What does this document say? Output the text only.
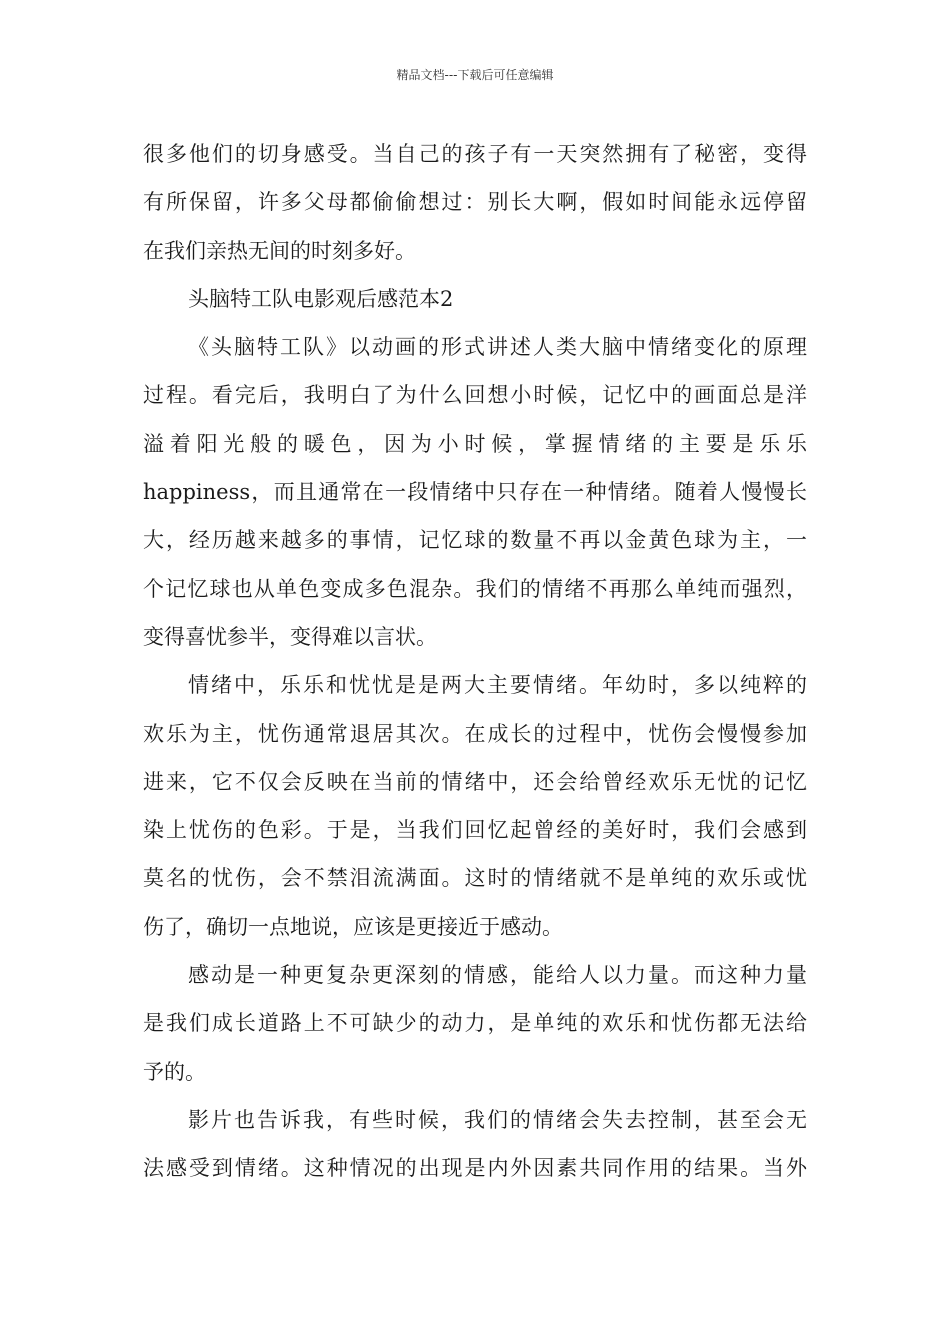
精品文档---下载后可任意编辑
很多他们的切身感受。当自己的孩子有一天突然拥有了秘密，变得
有所保留，许多父母都偷偷想过：别长大啊，假如时间能永远停留
在我们亲热无间的时刻多好。
头脑特工队电影观后感范本2
《头脑特工队》以动画的形式讲述人类大脑中情绪变化的原理
过程。看完后，我明白了为什么回想小时候，记忆中的画面总是洋
溢着阳光般的暖色，因为小时候，掌握情绪的主要是乐乐
happiness，而且通常在一段情绪中只存在一种情绪。随着人慢慢长
大，经历越来越多的事情，记忆球的数量不再以金黄色球为主，一
个记忆球也从单色变成多色混杂。我们的情绪不再那么单纯而强烈，
变得喜忧参半，变得难以言状。
情绪中，乐乐和忧忧是是两大主要情绪。年幼时，多以纯粹的
欢乐为主，忧伤通常退居其次。在成长的过程中，忧伤会慢慢参加
进来，它不仅会反映在当前的情绪中，还会给曾经欢乐无忧的记忆
染上忧伤的色彩。于是，当我们回忆起曾经的美好时，我们会感到
莫名的忧伤，会不禁泪流满面。这时的情绪就不是单纯的欢乐或忧
伤了，确切一点地说，应该是更接近于感动。
感动是一种更复杂更深刻的情感，能给人以力量。而这种力量
是我们成长道路上不可缺少的动力，是单纯的欢乐和忧伤都无法给
予的。
影片也告诉我，有些时候，我们的情绪会失去控制，甚至会无
法感受到情绪。这种情况的出现是内外因素共同作用的结果。当外
